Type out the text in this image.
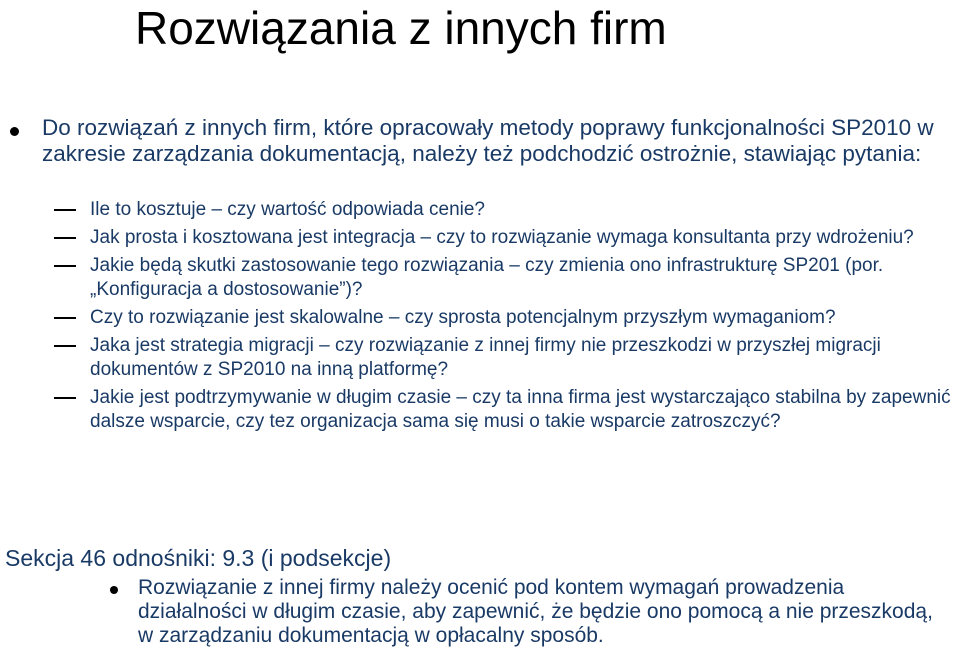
Rozwiązania z innych firm
Do rozwiązań z innych firm, które opracowały metody poprawy funkcjonalności SP2010 w zakresie zarządzania dokumentacją, należy też podchodzić ostrożnie, stawiając pytania:
Ile to kosztuje – czy wartość odpowiada cenie?
Jak prosta i kosztowana jest integracja – czy to rozwiązanie wymaga konsultanta przy wdrożeniu?
Jakie będą skutki zastosowanie tego rozwiązania – czy zmienia ono infrastrukturę SP201 (por. „Konfiguracja a dostosowanie”)?
Czy to rozwiązanie jest skalowalne – czy sprosta potencjalnym przyszłym wymaganiom?
Jaka jest strategia migracji – czy rozwiązanie z innej firmy nie przeszkodzi w przyszłej migracji dokumentów z SP2010 na inną platformę?
Jakie jest podtrzymywanie w długim czasie – czy ta inna firma jest wystarczająco stabilna by zapewnić dalsze wsparcie, czy tez organizacja sama się musi o takie wsparcie zatroszczyć?
Sekcja 46 odnośniki: 9.3 (i podsekcje)
Rozwiązanie z innej firmy należy ocenić pod kontem wymagań prowadzenia działalności w długim czasie, aby zapewnić, że będzie ono pomocą a nie przeszkodą, w zarządzaniu dokumentacją w opłacalny sposób.
